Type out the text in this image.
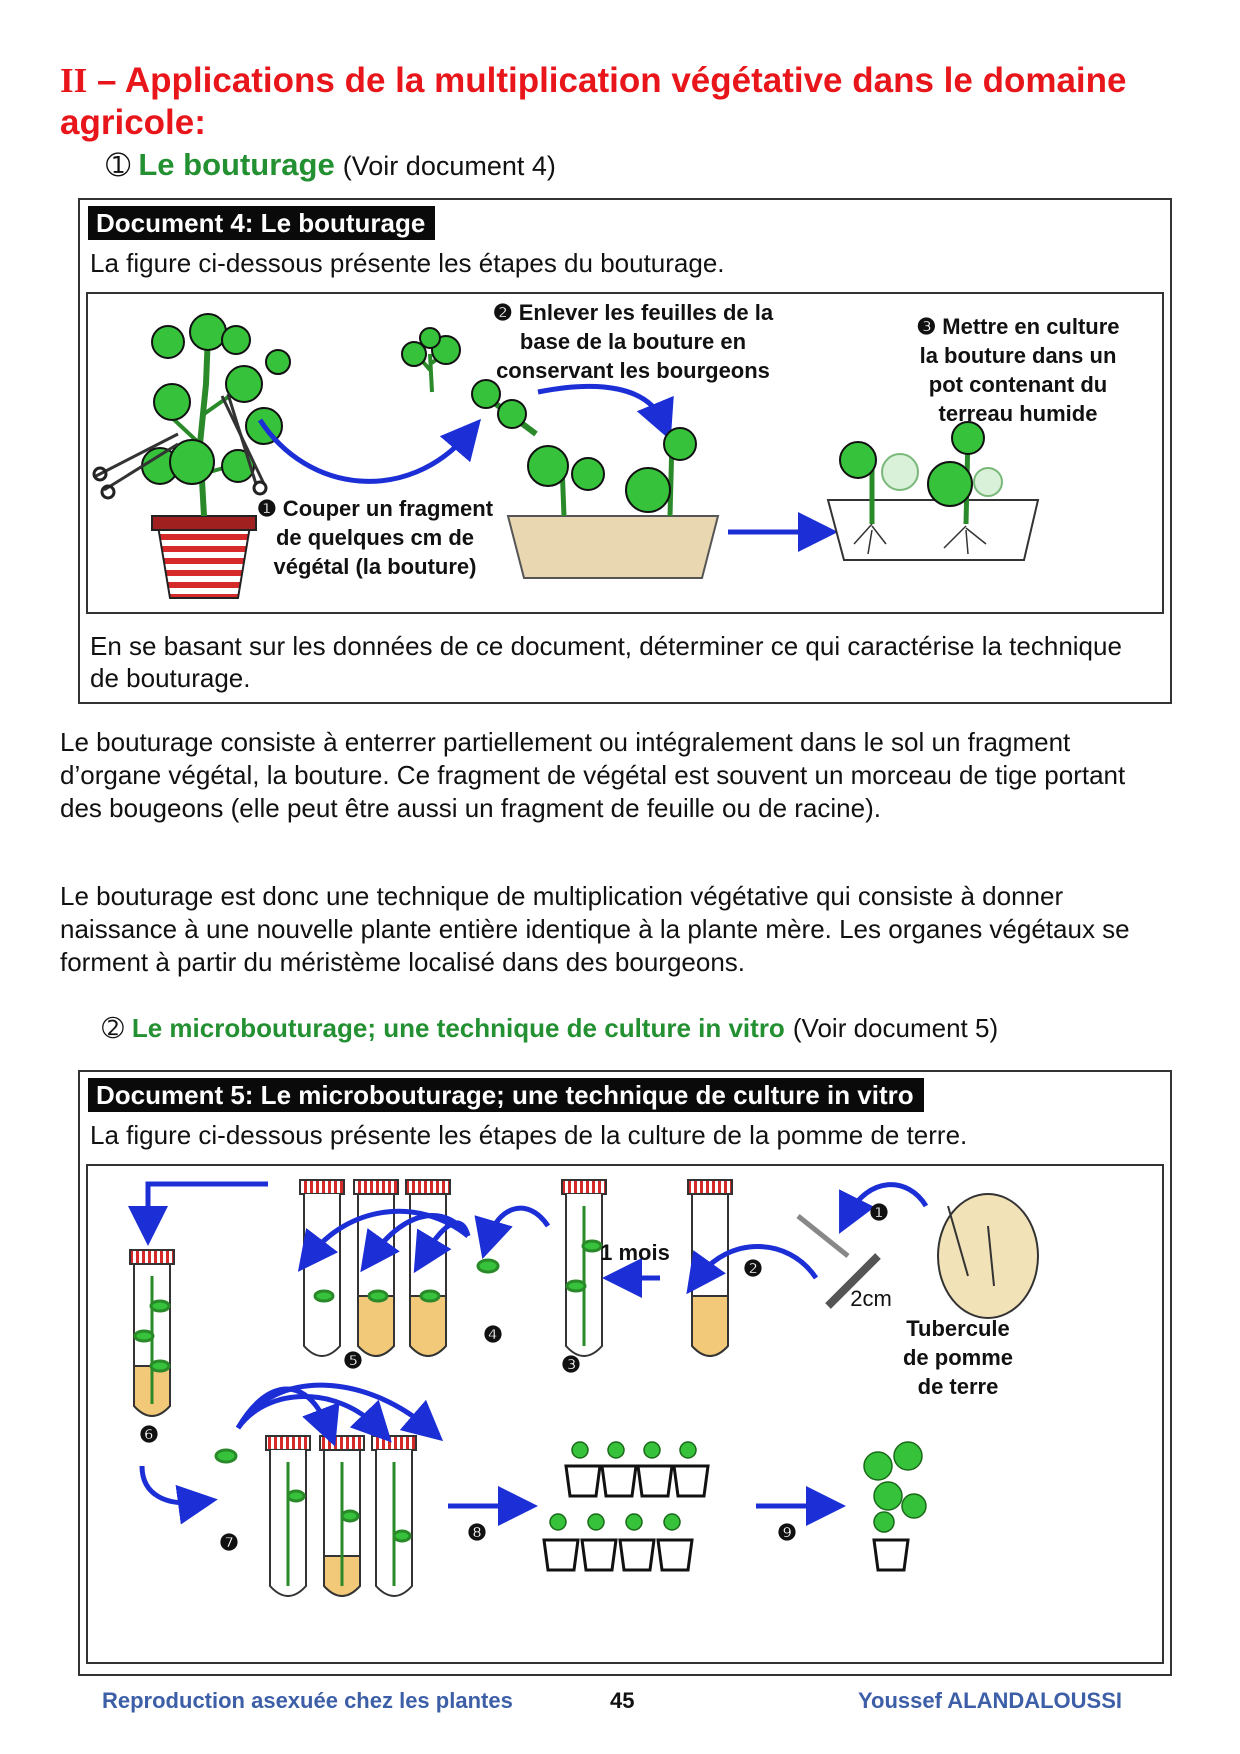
II – Applications de la multiplication végétative dans le domaine agricole:
➀ Le bouturage (Voir document 4)
Document 4: Le bouturage
La figure ci-dessous présente les étapes du bouturage.
❶ Couper un fragment
de quelques cm de
végétal (la bouture)
❷ Enlever les feuilles de la
base de la bouture en
conservant les bourgeons
❸ Mettre en culture
la bouture dans un
pot contenant du
terreau humide
En se basant sur les données de ce document, déterminer ce qui caractérise la technique de bouturage.
Le bouturage consiste à enterrer partiellement ou intégralement dans le sol un fragment d’organe végétal, la bouture. Ce fragment de végétal est souvent un morceau de tige portant des bougeons (elle peut être aussi un fragment de feuille ou de racine).
Le bouturage est donc une technique de multiplication végétative qui consiste à donner naissance à une nouvelle plante entière identique à la plante mère. Les organes végétaux se forment à partir du méristème localisé dans des bourgeons.
➁ Le microbouturage; une technique de culture in vitro (Voir document 5)
Document 5: Le microbouturage; une technique de culture in vitro
La figure ci-dessous présente les étapes de la culture de la pomme de terre.
❶
❷
❸
❹
❺
❻
❼	❽	❾
1 mois
2cm
Tubercule
de pomme
de terre
Reproduction asexuée chez les plantes	45	Youssef ALANDALOUSSI
